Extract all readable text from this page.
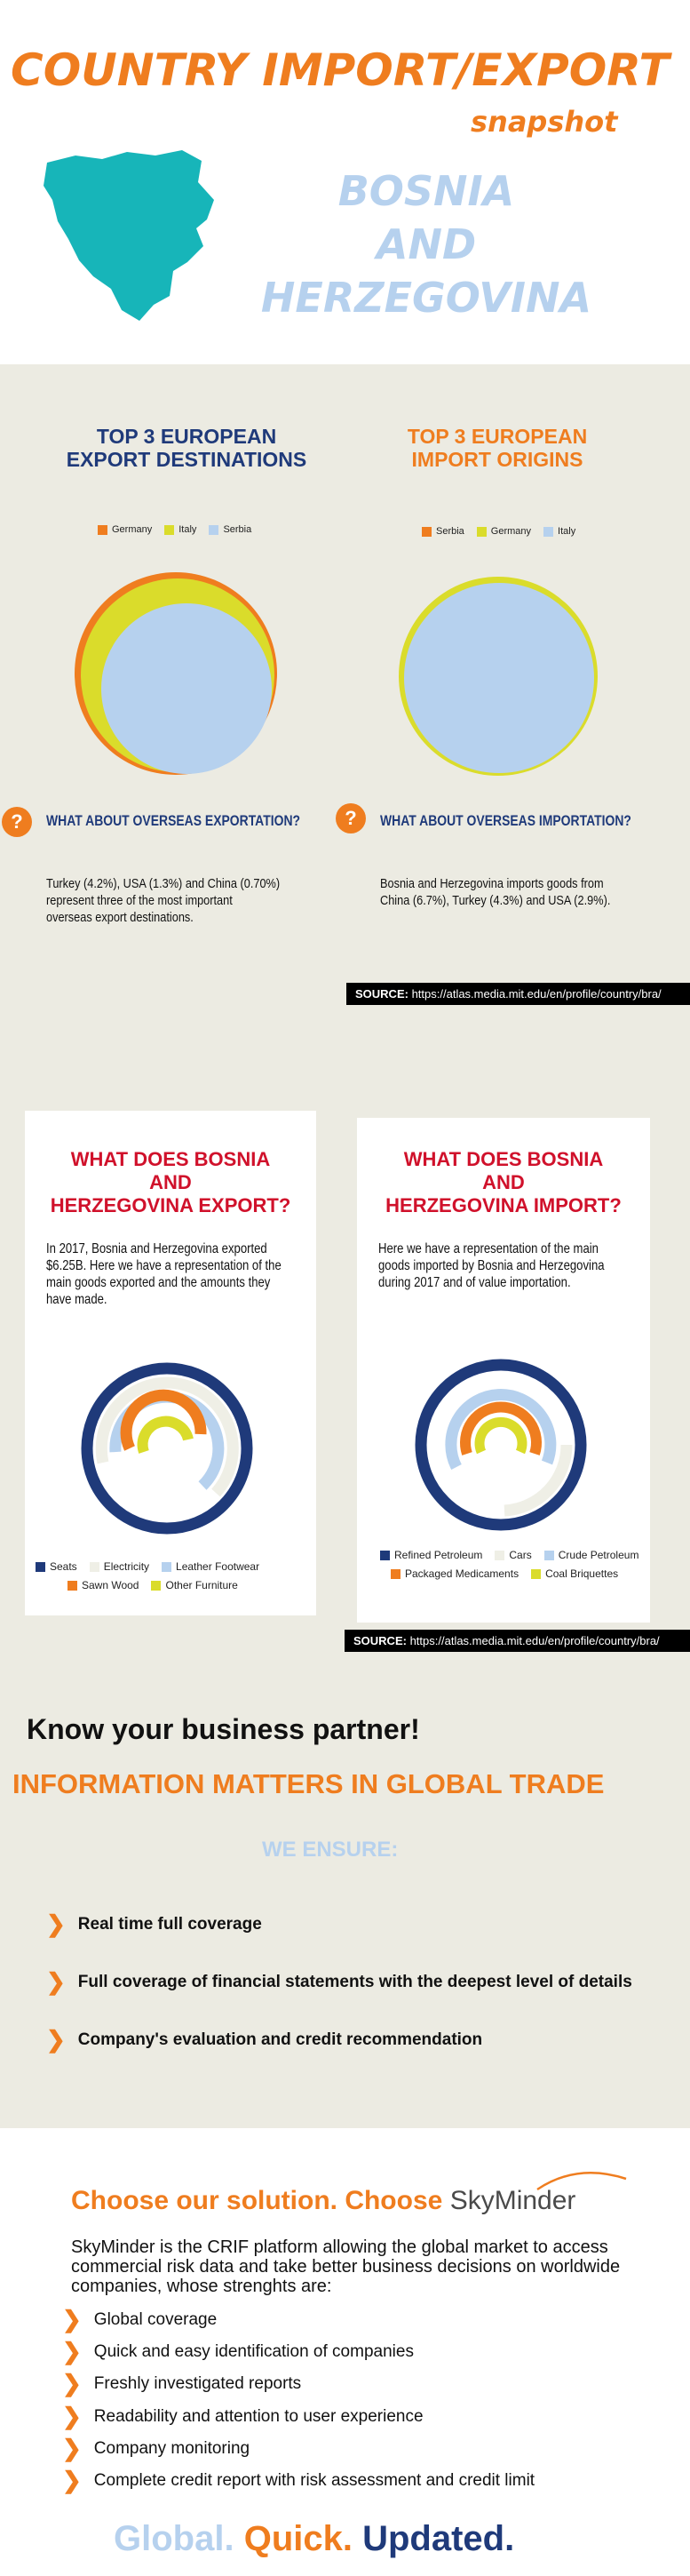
COUNTRY IMPORT/EXPORT
snapshot
BOSNIA
AND
HERZEGOVINA
TOP 3 EUROPEAN
EXPORT DESTINATIONS
Germany	Italy	Serbia
TOP 3 EUROPEAN
IMPORT ORIGINS
Serbia	Germany	Italy
?	WHAT ABOUT OVERSEAS EXPORTATION?
Turkey (4.2%), USA (1.3%) and China (0.70%) represent three of the most important overseas export destinations.
?	WHAT ABOUT OVERSEAS IMPORTATION?
Bosnia and Herzegovina imports goods from China (6.7%), Turkey (4.3%) and USA (2.9%).
SOURCE: https://atlas.media.mit.edu/en/profile/country/bra/
WHAT DOES BOSNIA
AND
HERZEGOVINA EXPORT?
In 2017, Bosnia and Herzegovina exported $6.25B. Here we have a representation of the main goods exported and the amounts they have made.
Seats	Electricity	Leather Footwear
Sawn Wood	Other Furniture
WHAT DOES BOSNIA
AND
HERZEGOVINA IMPORT?
Here we have a representation of the main goods imported by Bosnia and Herzegovina during 2017 and of value importation.
Refined Petroleum	Cars	Crude Petroleum
Packaged Medicaments	Coal Briquettes
SOURCE: https://atlas.media.mit.edu/en/profile/country/bra/
Know your business partner!
INFORMATION MATTERS IN GLOBAL TRADE
WE ENSURE:
❯ Real time full coverage
❯ Full coverage of financial statements with the deepest level of details
❯ Company's evaluation and credit recommendation
Choose our solution. Choose SkyMinder
SkyMinder is the CRIF platform allowing the global market to access commercial risk data and take better business decisions on worldwide companies, whose strenghts are:
❯ Global coverage
❯ Quick and easy identification of companies
❯ Freshly investigated reports
❯ Readability and attention to user experience
❯ Company monitoring
❯ Complete credit report with risk assessment and credit limit
Global. Quick. Updated.
